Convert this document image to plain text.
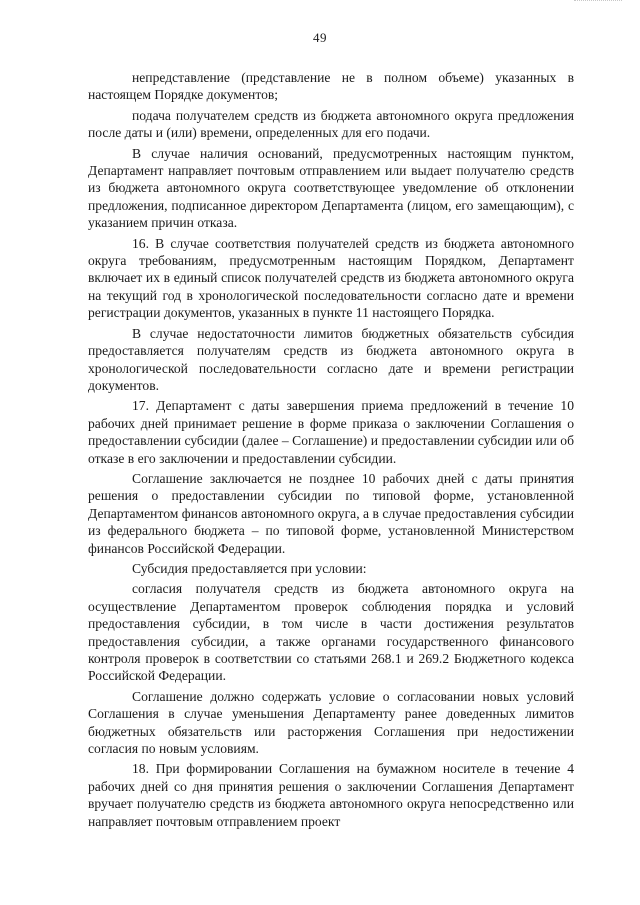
49

непредставление (представление не в полном объеме) указанных в настоящем Порядке документов;

подача получателем средств из бюджета автономного округа предложения после даты и (или) времени, определенных для его подачи.

В случае наличия оснований, предусмотренных настоящим пунктом, Департамент направляет почтовым отправлением или выдает получателю средств из бюджета автономного округа соответствующее уведомление об отклонении предложения, подписанное директором Департамента (лицом, его замещающим), с указанием причин отказа.

16. В случае соответствия получателей средств из бюджета автономного округа требованиям, предусмотренным настоящим Порядком, Департамент включает их в единый список получателей средств из бюджета автономного округа на текущий год в хронологической последовательности согласно дате и времени регистрации документов, указанных в пункте 11 настоящего Порядка.

В случае недостаточности лимитов бюджетных обязательств субсидия предоставляется получателям средств из бюджета автономного округа в хронологической последовательности согласно дате и времени регистрации документов.

17. Департамент с даты завершения приема предложений в течение 10 рабочих дней принимает решение в форме приказа о заключении Соглашения о предоставлении субсидии (далее – Соглашение) и предоставлении субсидии или об отказе в его заключении и предоставлении субсидии.

Соглашение заключается не позднее 10 рабочих дней с даты принятия решения о предоставлении субсидии по типовой форме, установленной Департаментом финансов автономного округа, а в случае предоставления субсидии из федерального бюджета – по типовой форме, установленной Министерством финансов Российской Федерации.

Субсидия предоставляется при условии:

согласия получателя средств из бюджета автономного округа на осуществление Департаментом проверок соблюдения порядка и условий предоставления субсидии, в том числе в части достижения результатов предоставления субсидии, а также органами государственного финансового контроля проверок в соответствии со статьями 268.1 и 269.2 Бюджетного кодекса Российской Федерации.

Соглашение должно содержать условие о согласовании новых условий Соглашения в случае уменьшения Департаменту ранее доведенных лимитов бюджетных обязательств или расторжения Соглашения при недостижении согласия по новым условиям.

18. При формировании Соглашения на бумажном носителе в течение 4 рабочих дней со дня принятия решения о заключении Соглашения Департамент вручает получателю средств из бюджета автономного округа непосредственно или направляет почтовым отправлением проект
